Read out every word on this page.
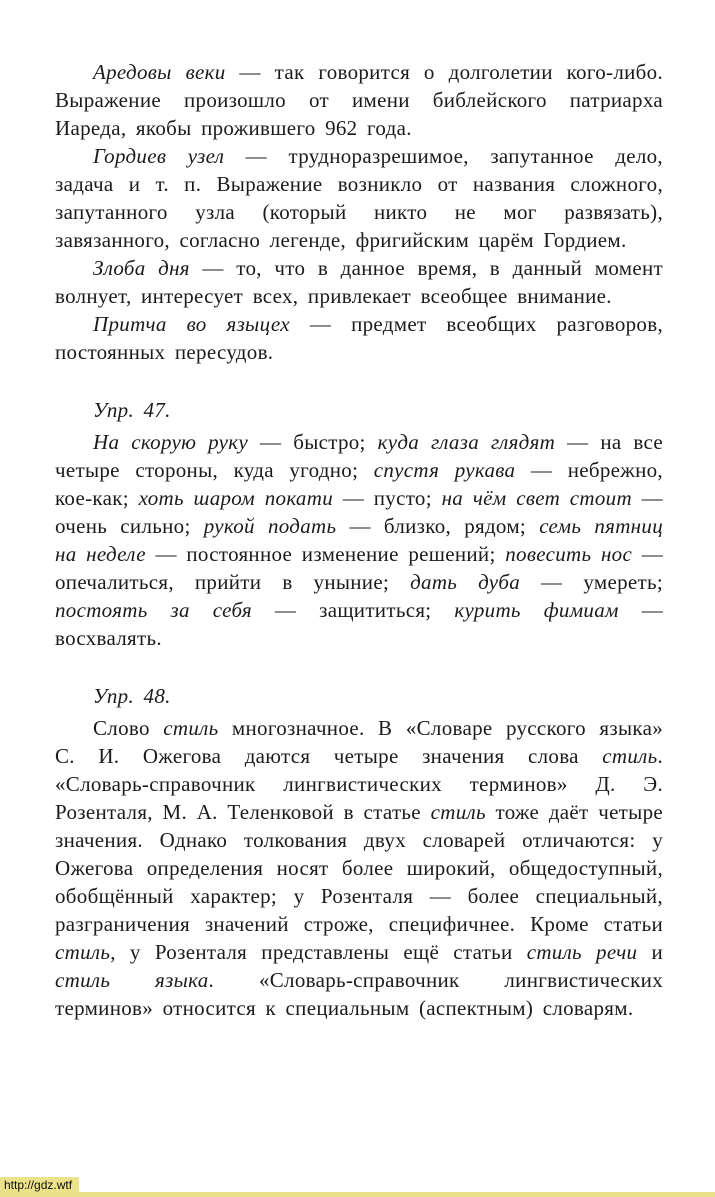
Аредовы веки — так говорится о долголетии кого-либо. Выражение произошло от имени библейского патриарха Иареда, якобы прожившего 962 года.

Гордиев узел — трудноразрешимое, запутанное дело, задача и т. п. Выражение возникло от названия сложного, запутанного узла (который никто не мог развязать), завязанного, согласно легенде, фригийским царём Гордием.

Злоба дня — то, что в данное время, в данный момент волнует, интересует всех, привлекает всеобщее внимание.

Притча во языцех — предмет всеобщих разговоров, постоянных пересудов.

Упр. 47.

На скорую руку — быстро; куда глаза глядят — на все четыре стороны, куда угодно; спустя рукава — небрежно, кое-как; хоть шаром покати — пусто; на чём свет стоит — очень сильно; рукой подать — близко, рядом; семь пятниц на неделе — постоянное изменение решений; повесить нос — опечалиться, прийти в уныние; дать дуба — умереть; постоять за себя — защититься; курить фимиам — восхвалять.

Упр. 48.

Слово стиль многозначное. В «Словаре русского языка» С. И. Ожегова даются четыре значения слова стиль. «Словарь-справочник лингвистических терминов» Д. Э. Розенталя, М. А. Теленковой в статье стиль тоже даёт четыре значения. Однако толкования двух словарей отличаются: у Ожегова определения носят более широкий, общедоступный, обобщённый характер; у Розенталя — более специальный, разграничения значений строже, специфичнее. Кроме статьи стиль, у Розенталя представлены ещё статьи стиль речи и стиль языка. «Словарь-справочник лингвистических терминов» относится к специальным (аспектным) словарям.

http://gdz.wtf
